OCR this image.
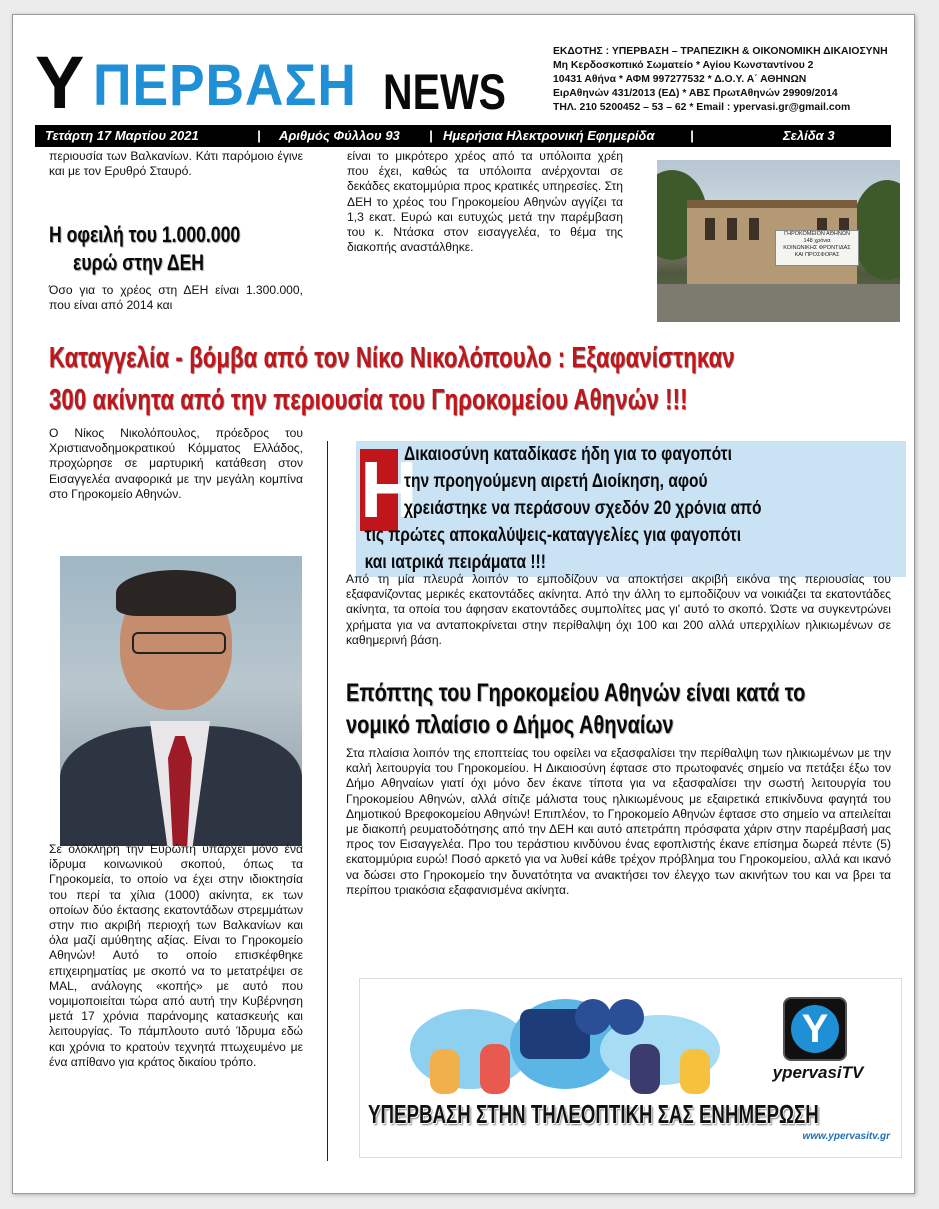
Υ ΠΕΡΒΑΣΗ NEWS
ΕΚΔΟΤΗΣ : ΥΠΕΡΒΑΣΗ – ΤΡΑΠΕΖΙΚΗ & ΟΙΚΟΝΟΜΙΚΗ ΔΙΚΑΙΟΣΥΝΗ
Μη Κερδοσκοπικό Σωματείο * Αγίου Κωνσταντίνου 2
10431 Αθήνα * ΑΦΜ 997277532 * Δ.Ο.Υ. Α΄ ΑΘΗΝΩΝ
ΕιρΑθηνών 431/2013 (ΕΔ) * ΑΒΣ ΠρωτΑθηνών 29909/2014
ΤΗΛ. 210 5200452 – 53 – 62 * Email : ypervasi.gr@gmail.com
Τετάρτη 17 Μαρτίου 2021	| Αριθμός Φύλλου 93 | Ημερήσια Ηλεκτρονική Εφημερίδα	|	Σελίδα 3
περιουσία των Βαλκανίων. Κάτι παρόμοιο έγινε και με τον Ερυθρό Σταυρό.
Η οφειλή του 1.000.000
ευρώ στην ΔΕΗ
Όσο για το χρέος στη ΔΕΗ είναι 1.300.000, που είναι από 2014 και
είναι το μικρότερο χρέος από τα υπόλοιπα χρέη που έχει, καθώς τα υπόλοιπα ανέρχονται σε δεκάδες εκατομμύρια προς κρατικές υπηρεσίες. Στη ΔΕΗ το χρέος του Γηροκομείου Αθηνών αγγίζει τα 1,3 εκατ. Ευρώ και ευτυχώς μετά την παρέμβαση του κ. Ντάσκα στον εισαγγελέα, το θέμα της διακοπής αναστάλθηκε.
ΓΗΡΟΚΟΜΕΙΟΝ ΑΘΗΝΩΝ
148 χρόνια
ΚΟΙΝΩΝΙΚΗΣ ΦΡΟΝΤΙΔΑΣ
ΚΑΙ ΠΡΟΣΦΟΡΑΣ
Καταγγελία - βόμβα από τον Νίκο Νικολόπουλο : Εξαφανίστηκαν
300 ακίνητα από την περιουσία του Γηροκομείου Αθηνών !!!
Ο Νίκος Νικολόπουλος, πρόεδρος του Χριστιανοδημοκρατικού Κόμματος Ελλάδος, προχώρησε σε μαρτυρική κατάθεση στον Εισαγγελέα αναφορικά με την μεγάλη κομπίνα στο Γηροκομείο Αθηνών.
Σε ολόκληρη την Ευρώπη υπάρχει μόνο ένα ίδρυμα κοινωνικού σκοπού, όπως τα Γηροκομεία, το οποίο να έχει στην ιδιοκτησία του περί τα χίλια (1000) ακίνητα, εκ των οποίων δύο έκτασης εκατοντάδων στρεμμάτων στην πιο ακριβή περιοχή των Βαλκανίων και όλα μαζί αμύθητης αξίας. Είναι το Γηροκομείο Αθηνών! Αυτό το οποίο επισκέφθηκε επιχειρηματίας με σκοπό να το μετατρέψει σε MAL, ανάλογης «κοπής» με αυτό που νομιμοποιείται τώρα από αυτή την Κυβέρνηση μετά 17 χρόνια παράνομης κατασκευής και λειτουργίας. Το πάμπλουτο αυτό Ίδρυμα εδώ και χρόνια το κρατούν τεχνητά πτωχευμένο με ένα απίθανο για κράτος δικαίου τρόπο.
Η
Δικαιοσύνη καταδίκασε ήδη για το φαγοπότι
την προηγούμενη αιρετή Διοίκηση, αφού
χρειάστηκε να περάσουν σχεδόν 20 χρόνια από
τις πρώτες αποκαλύψεις-καταγγελίες για φαγοπότι
και ιατρικά πειράματα !!!
Από τη μία πλευρά λοιπόν το εμποδίζουν να αποκτήσει ακριβή εικόνα της περιουσίας του εξαφανίζοντας μερικές εκατοντάδες ακίνητα. Από την άλλη το εμποδίζουν να νοικιάζει τα εκατοντάδες ακίνητα, τα οποία του άφησαν εκατοντάδες συμπολίτες μας γι' αυτό το σκοπό. Ώστε να συγκεντρώνει χρήματα για να ανταποκρίνεται στην περίθαλψη όχι 100 και 200 αλλά υπερχιλίων ηλικιωμένων σε καθημερινή βάση.
Επόπτης του Γηροκομείου Αθηνών είναι κατά το
νομικό πλαίσιο ο Δήμος Αθηναίων
Στα πλαίσια λοιπόν της εποπτείας του οφείλει να εξασφαλίσει την περίθαλψη των ηλικιωμένων με την καλή λειτουργία του Γηροκομείου. Η Δικαιοσύνη έφτασε στο πρωτοφανές σημείο να πετάξει έξω τον Δήμο Αθηναίων γιατί όχι μόνο δεν έκανε τίποτα για να εξασφαλίσει την σωστή λειτουργία του Γηροκομείου Αθηνών, αλλά σίτιζε μάλιστα τους ηλικιωμένους με εξαιρετικά επικίνδυνα φαγητά του Δημοτικού Βρεφοκομείου Αθηνών! Επιπλέον, το Γηροκομείο Αθηνών έφτασε στο σημείο να απειλείται με διακοπή ρευματοδότησης από την ΔΕΗ και αυτό απετράπη πρόσφατα χάριν στην παρέμβασή μας προς τον Εισαγγελέα. Προ του τεράστιου κινδύνου ένας εφοπλιστής έκανε επίσημα δωρεά πέντε (5) εκατομμύρια ευρώ! Ποσό αρκετό για να λυθεί κάθε τρέχον πρόβλημα του Γηροκομείου, αλλά και ικανό να δώσει στο Γηροκομείο την δυνατότητα να ανακτήσει τον έλεγχο των ακινήτων του και να βρει τα περίπου τριακόσια εξαφανισμένα ακίνητα.
Y
ypervasiTV
ΥΠΕΡΒΑΣΗ ΣΤΗΝ ΤΗΛΕΟΠΤΙΚΗ ΣΑΣ ΕΝΗΜΕΡΩΣΗ
www.ypervasitv.gr
